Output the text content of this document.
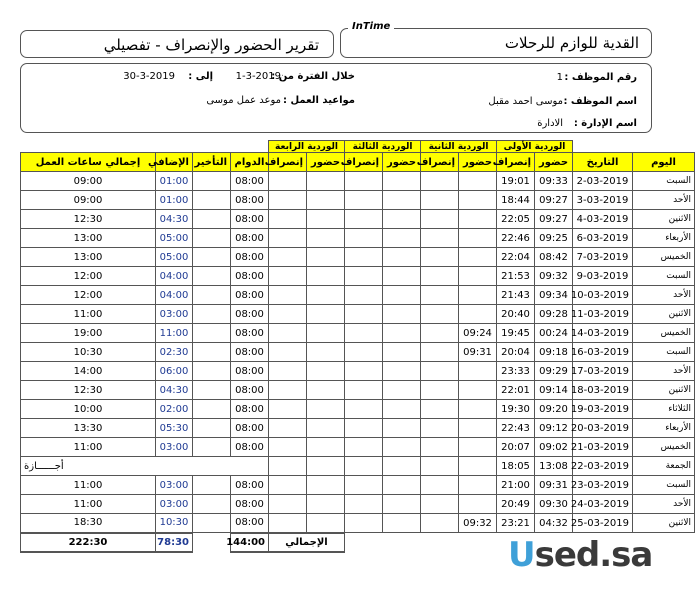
القدية للوازم للرحلات
InTime
تقرير الحضور والإنصراف - تفصيلي
رقم الموظف :
1
اسم الموظف :
موسى احمد مقبل
اسم الإدارة :
الادارة
خلال الفترة من :
1-3-2019
إلى :
30-3-2019
مواعيد العمل :
موعد عمل موسى
		الوردية الأولى		الوردية الثانية		الوردية الثالثة		الوردية الرابعة							
اليوم	التاريخ	حضور	إنصراف	حضور	إنصراف	حضور	إنصراف	حضور	إنصراف	الدوام	التأخير	الإضافي	إجمالي ساعات العمل		
السبت	2-03-2019	09:33	19:01							08:00		01:00	09:00		
الأحد	3-03-2019	09:27	18:44							08:00		01:00	09:00		
الاثنين	4-03-2019	09:27	22:05							08:00		04:30	12:30		
الأربعاء	6-03-2019	09:25	22:46							08:00		05:00	13:00		
الخميس	7-03-2019	08:42	22:04							08:00		05:00	13:00		
السبت	9-03-2019	09:32	21:53							08:00		04:00	12:00		
الأحد	10-03-2019	09:34	21:43							08:00		04:00	12:00		
الاثنين	11-03-2019	09:28	20:40							08:00		03:00	11:00		
الخميس	14-03-2019	00:24	19:45	09:24						08:00		11:00	19:00		
السبت	16-03-2019	09:18	20:04	09:31						08:00		02:30	10:30		
الأحد	17-03-2019	09:29	23:33							08:00		06:00	14:00		
الاثنين	18-03-2019	09:14	22:01							08:00		04:30	12:30		
الثلاثاء	19-03-2019	09:20	19:30							08:00		02:00	10:00		
الأربعاء	20-03-2019	09:12	22:43							08:00		05:30	13:30		
الخميس	21-03-2019	09:02	20:07							08:00		03:00	11:00		
الجمعة	22-03-2019	13:08	18:05							أجــــــازة					
السبت	23-03-2019	09:31	21:00							08:00		03:00	11:00		
الأحد	24-03-2019	09:30	20:49							08:00		03:00	11:00		
الاثنين	25-03-2019	04:32	23:21	09:32						08:00		10:30	18:30		
								الإجمالي		144:00		78:30	222:30			Used.sa
